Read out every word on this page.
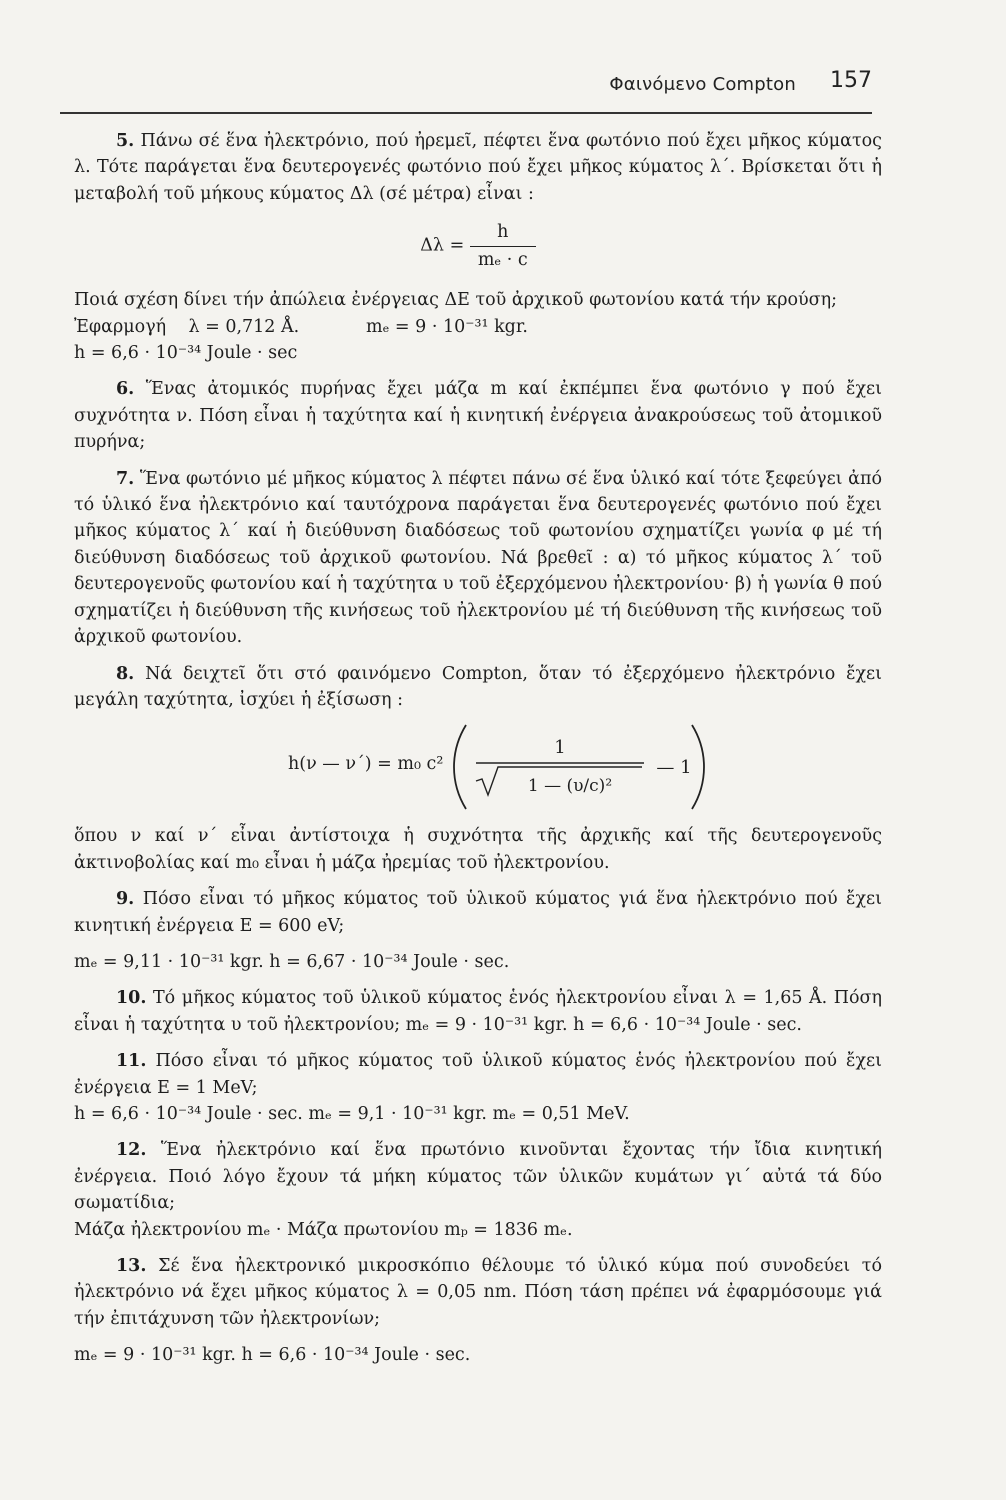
Φαινόμενο Compton 157

5. Πάνω σέ ἕνα ἠλεκτρόνιο, πού ἠρεμεῖ, πέφτει ἕνα φωτόνιο πού ἔχει μῆκος κύματος λ. Τότε παράγεται ἕνα δευτερογενές φωτόνιο πού ἔχει μῆκος κύματος λ΄. Βρίσκεται ὅτι ἡ μεταβολή τοῦ μήκους κύματος Δλ (σέ μέτρα) εἶναι :

$\Delta\lambda = \frac{h}{\text{mₑ · c}}$

Ποιά σχέση δίνει τήν ἀπώλεια ἐνέργειας ΔΕ τοῦ ἀρχικοῦ φωτονίου κατά τήν κρούση;

Ἐφαρμογή λ = 0,712 Å.	mₑ = 9 · 10⁻³¹ kgr.

h = 6,6 · 10⁻³⁴ Joule · sec

6. Ἕνας ἀτομικός πυρήνας ἔχει μάζα m καί ἐκπέμπει ἕνα φωτόνιο γ πού ἔχει συχνότητα ν. Πόση εἶναι ἡ ταχύτητα καί ἡ κινητική ἐνέργεια ἀνακρούσεως τοῦ ἀτομικοῦ πυρήνα;

7. Ἕνα φωτόνιο μέ μῆκος κύματος λ πέφτει πάνω σέ ἕνα ὑλικό καί τότε ξεφεύγει ἀπό τό ὑλικό ἕνα ἠλεκτρόνιο καί ταυτόχρονα παράγεται ἕνα δευτερογενές φωτόνιο πού ἔχει μῆκος κύματος λ΄ καί ἡ διεύθυνση διαδόσεως τοῦ φωτονίου σχηματίζει γωνία φ μέ τή διεύθυνση διαδόσεως τοῦ ἀρχικοῦ φωτονίου. Νά βρεθεῖ : α) τό μῆκος κύματος λ΄ τοῦ δευτερογενοῦς φωτονίου καί ἡ ταχύτητα υ τοῦ ἐξερχόμενου ἠλεκτρονίου· β) ἡ γωνία θ πού σχηματίζει ἡ διεύθυνση τῆς κινήσεως τοῦ ἠλεκτρονίου μέ τή διεύθυνση τῆς κινήσεως τοῦ ἀρχικοῦ φωτονίου.

8. Νά δειχτεῖ ὅτι στό φαινόμενο Compton, ὅταν τό ἐξερχόμενο ἠλεκτρόνιο ἔχει μεγάλη ταχύτητα, ἰσχύει ἡ ἐξίσωση :

h(ν — ν΄) = m₀ c²
1
1 — (υ/c)²
— 1

ὅπου ν καί ν΄ εἶναι ἀντίστοιχα ἡ συχνότητα τῆς ἀρχικῆς καί τῆς δευτερογενοῦς ἀκτινοβολίας καί m₀ εἶναι ἡ μάζα ἠρεμίας τοῦ ἠλεκτρονίου.

9. Πόσο εἶναι τό μῆκος κύματος τοῦ ὑλικοῦ κύματος γιά ἕνα ἠλεκτρόνιο πού ἔχει κινητική ἐνέργεια Ε = 600 eV;

mₑ = 9,11 · 10⁻³¹ kgr. h = 6,67 · 10⁻³⁴ Joule · sec.

10. Τό μῆκος κύματος τοῦ ὑλικοῦ κύματος ἑνός ἠλεκτρονίου εἶναι λ = 1,65 Å. Πόση εἶναι ἡ ταχύτητα υ τοῦ ἠλεκτρονίου; mₑ = 9 · 10⁻³¹ kgr. h = 6,6 · 10⁻³⁴ Joule · sec.

11. Πόσο εἶναι τό μῆκος κύματος τοῦ ὑλικοῦ κύματος ἑνός ἠλεκτρονίου πού ἔχει ἐνέργεια Ε = 1 MeV;

h = 6,6 · 10⁻³⁴ Joule · sec. mₑ = 9,1 · 10⁻³¹ kgr. mₑ = 0,51 MeV.

12. Ἕνα ἠλεκτρόνιο καί ἕνα πρωτόνιο κινοῦνται ἔχοντας τήν ἴδια κινητική ἐνέργεια. Ποιό λόγο ἔχουν τά μήκη κύματος τῶν ὑλικῶν κυμάτων γι΄ αὐτά τά δύο σωματίδια;

Μάζα ἠλεκτρονίου mₑ · Μάζα πρωτονίου mₚ = 1836 mₑ.

13. Σέ ἕνα ἠλεκτρονικό μικροσκόπιο θέλουμε τό ὑλικό κύμα πού συνοδεύει τό ἠλεκτρόνιο νά ἔχει μῆκος κύματος λ = 0,05 nm. Πόση τάση πρέπει νά ἐφαρμόσουμε γιά τήν ἐπιτάχυνση τῶν ἠλεκτρονίων;

mₑ = 9 · 10⁻³¹ kgr. h = 6,6 · 10⁻³⁴ Joule · sec.
